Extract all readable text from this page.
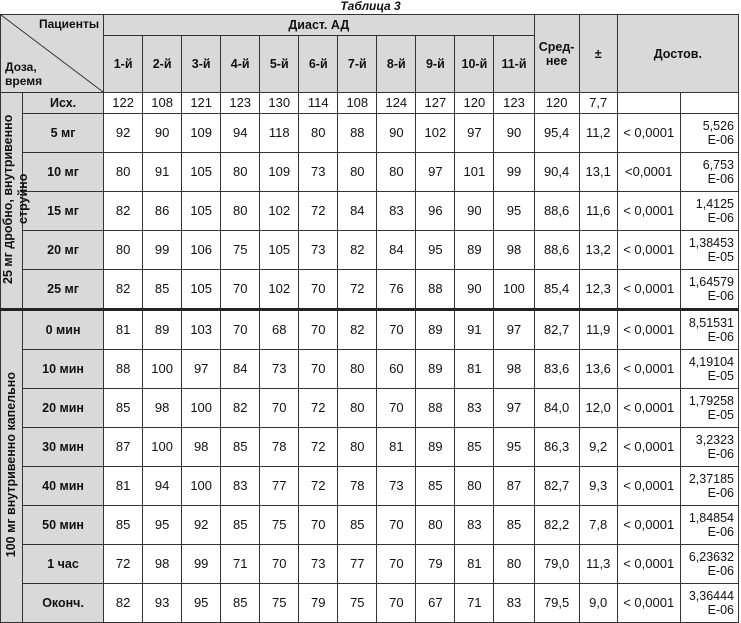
Таблица 3
Пациенты
Доза,
время		Диаст. АД											Сред-
нее	±	Достов.	
		1-й	2-й	3-й	4-й	5-й	6-й	7-й	8-й	9-й	10-й	11-й				
25 мг дробно, внутривенно струйно	Исх.	122	108	121	123	130	114	108	124	127	120	123	120	7,7		
	5 мг	92	90	109	94	118	80	88	90	102	97	90	95,4	11,2	< 0,0001	5,526
E-06
	10 мг	80	91	105	80	109	73	80	80	97	101	99	90,4	13,1	<0,0001	6,753
E-06
	15 мг	82	86	105	80	102	72	84	83	96	90	95	88,6	11,6	< 0,0001	1,4125
E-06
	20 мг	80	99	106	75	105	73	82	84	95	89	98	88,6	13,2	< 0,0001	1,38453
E-05
	25 мг	82	85	105	70	102	70	72	76	88	90	100	85,4	12,3	< 0,0001	1,64579
E-06
100 мг внутривенно капельно	0 мин	81	89	103	70	68	70	82	70	89	91	97	82,7	11,9	< 0,0001	8,51531
E-06
	10 мин	88	100	97	84	73	70	80	60	89	81	98	83,6	13,6	< 0,0001	4,19104
E-05
	20 мин	85	98	100	82	70	72	80	70	88	83	97	84,0	12,0	< 0,0001	1,79258
E-05
	30 мин	87	100	98	85	78	72	80	81	89	85	95	86,3	9,2	< 0,0001	3,2323
E-06
	40 мин	81	94	100	83	77	72	78	73	85	80	87	82,7	9,3	< 0,0001	2,37185
E-06
	50 мин	85	95	92	85	75	70	85	70	80	83	85	82,2	7,8	< 0,0001	1,84854
E-06
	1 час	72	98	99	71	70	73	77	70	79	81	80	79,0	11,3	< 0,0001	6,23632
E-06
	Оконч.	82	93	95	85	75	79	75	70	67	71	83	79,5	9,0	< 0,0001	3,36444
E-06
